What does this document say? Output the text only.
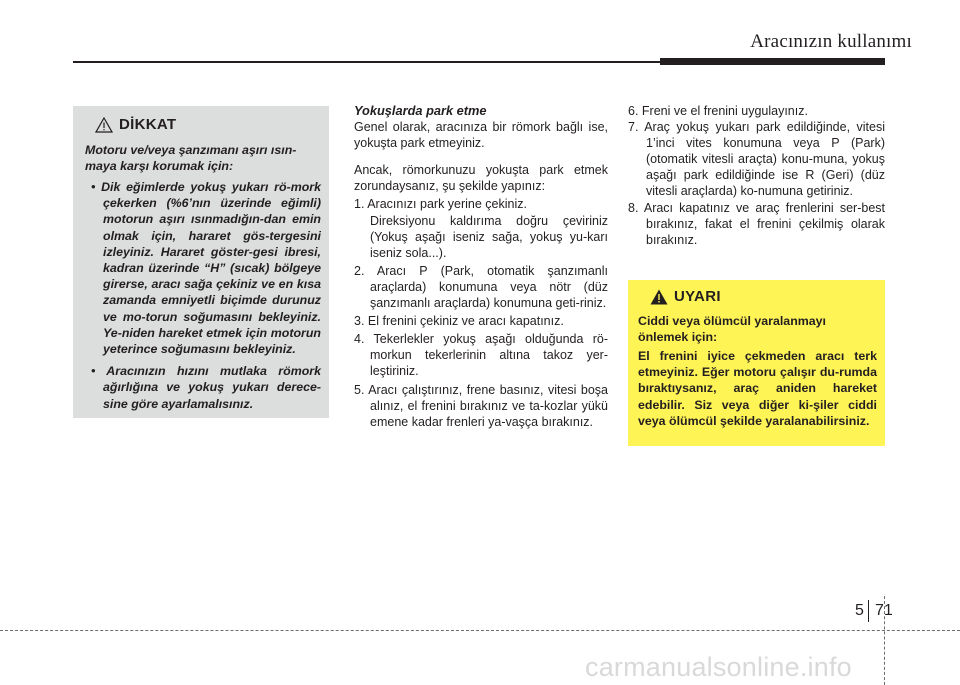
Aracınızın kullanımı
DİKKAT

Motoru ve/veya şanzımanı aşırı ısın-maya karşı korumak için:

• Dik eğimlerde yokuş yukarı rö-mork çekerken (%6’nın üzerinde eğimli) motorun aşırı ısınmadığın-dan emin olmak için, hararet gös-tergesini izleyiniz. Hararet göster-gesi ibresi, kadran üzerinde “H” (sıcak) bölgeye girerse, aracı sağa çekiniz ve en kısa zamanda emniyetli biçimde durunuz ve mo-torun soğumasını bekleyiniz. Ye-niden hareket etmek için motorun yeterince soğumasını bekleyiniz.
• Aracınızın hızını mutlaka römork ağırlığına ve yokuş yukarı derece-sine göre ayarlamalısınız.

Yokuşlarda park etme

Genel olarak, aracınıza bir römork bağlı ise, yokuşta park etmeyiniz.

Ancak, römorkunuzu yokuşta park etmek zorundaysanız, şu şekilde yapınız:

1. Aracınızı park yerine çekiniz.
Direksiyonu kaldırıma doğru çeviriniz (Yokuş aşağı iseniz sağa, yokuş yu-karı iseniz sola...).
2. Aracı P (Park, otomatik şanzımanlı araçlarda) konumuna veya nötr (düz şanzımanlı araçlarda) konumuna geti-riniz.
3. El frenini çekiniz ve aracı kapatınız.
4. Tekerlekler yokuş aşağı olduğunda rö-morkun tekerlerinin altına takoz yer-leştiriniz.
5. Aracı çalıştırınız, frene basınız, vitesi boşa alınız, el frenini bırakınız ve ta-kozlar yükü emene kadar frenleri ya-vaşça bırakınız.
6. Freni ve el frenini uygulayınız.
7. Araç yokuş yukarı park edildiğinde, vitesi 1’inci vites konumuna veya P (Park) (otomatik vitesli araçta) konu-muna, yokuş aşağı park edildiğinde ise R (Geri) (düz vitesli araçlarda) ko-numuna getiriniz.
8. Aracı kapatınız ve araç frenlerini ser-best bırakınız, fakat el frenini çekilmiş olarak bırakınız.
UYARI

Ciddi veya ölümcül yaralanmayı önlemek için:

El frenini iyice çekmeden aracı terk etmeyiniz. Eğer motoru çalışır du-rumda bıraktıysanız, araç aniden hareket edebilir. Siz veya diğer ki-şiler ciddi veya ölümcül şekilde yaralanabilirsiniz.

5 71
carmanualsonline.info
